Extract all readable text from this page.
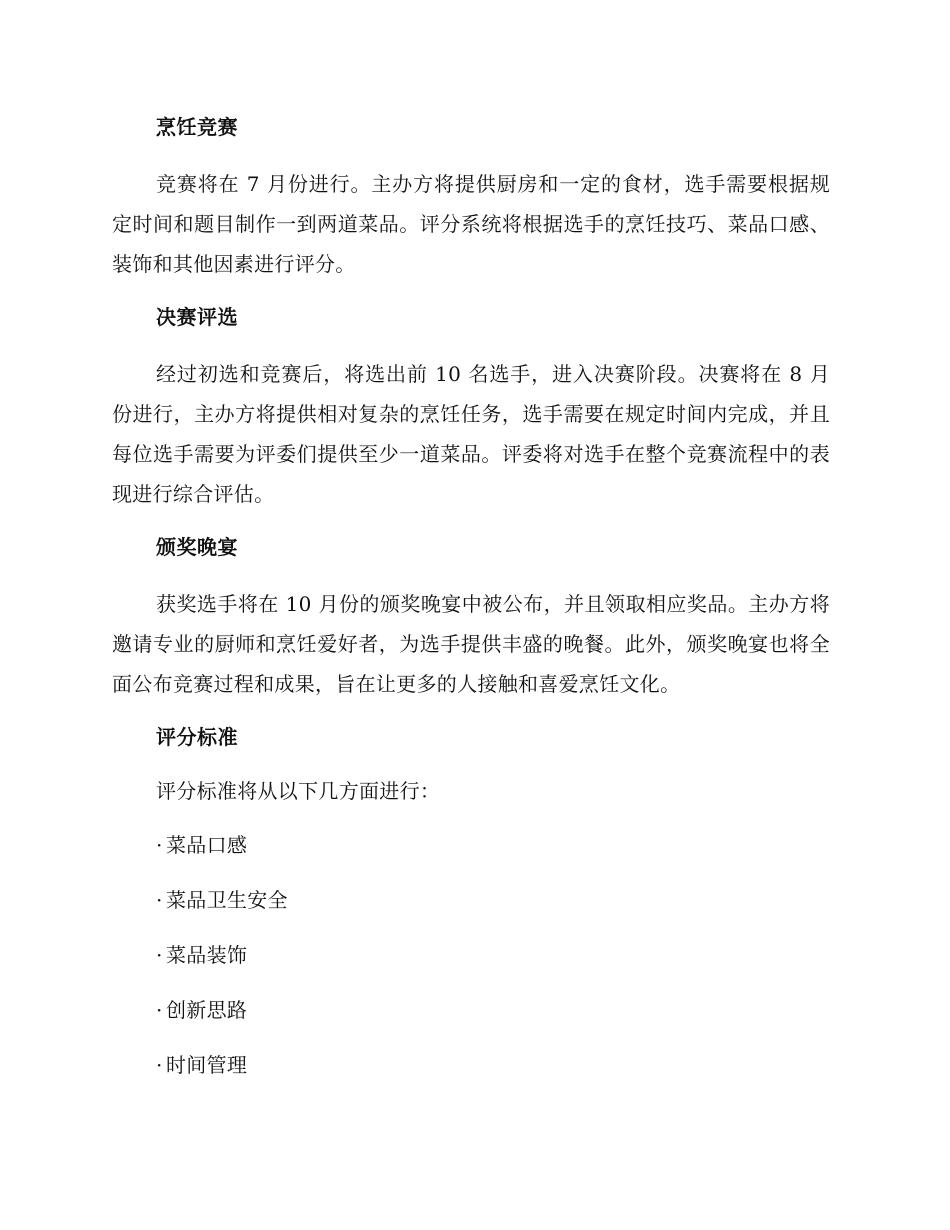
烹饪竞赛

竞赛将在 7 月份进行。主办方将提供厨房和一定的食材，选手需要根据规定时间和题目制作一到两道菜品。评分系统将根据选手的烹饪技巧、菜品口感、装饰和其他因素进行评分。

决赛评选

经过初选和竞赛后，将选出前 10 名选手，进入决赛阶段。决赛将在 8 月份进行，主办方将提供相对复杂的烹饪任务，选手需要在规定时间内完成，并且每位选手需要为评委们提供至少一道菜品。评委将对选手在整个竞赛流程中的表现进行综合评估。

颁奖晚宴

获奖选手将在 10 月份的颁奖晚宴中被公布，并且领取相应奖品。主办方将邀请专业的厨师和烹饪爱好者，为选手提供丰盛的晚餐。此外，颁奖晚宴也将全面公布竞赛过程和成果，旨在让更多的人接触和喜爱烹饪文化。

评分标准

评分标准将从以下几方面进行：

· 菜品口感
· 菜品卫生安全
· 菜品装饰
· 创新思路
· 时间管理
